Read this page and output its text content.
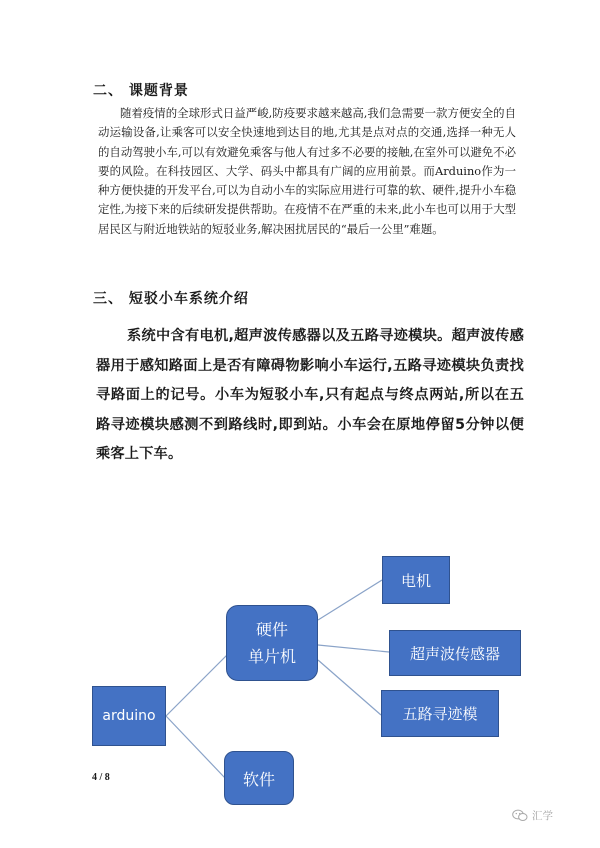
二、 课题背景

随着疫情的全球形式日益严峻,防疫要求越来越高,我们急需要一款方便安全的自动运输设备,让乘客可以安全快速地到达目的地,尤其是点对点的交通,选择一种无人的自动驾驶小车,可以有效避免乘客与他人有过多不必要的接触,在室外可以避免不必要的风险。在科技园区、大学、码头中都具有广阔的应用前景。而Arduino作为一种方便快捷的开发平台,可以为自动小车的实际应用进行可靠的软、硬件,提升小车稳定性,为接下来的后续研发提供帮助。在疫情不在严重的未来,此小车也可以用于大型居民区与附近地铁站的短驳业务,解决困扰居民的“最后一公里”难题。

三、 短驳小车系统介绍

系统中含有电机,超声波传感器以及五路寻迹模块。超声波传感器用于感知路面上是否有障碍物影响小车运行,五路寻迹模块负责找寻路面上的记号。小车为短驳小车,只有起点与终点两站,所以在五路寻迹模块感测不到路线时,即到站。小车会在原地停留5分钟以便乘客上下车。

arduino
硬件
单片机
软件
电机
超声波传感器
五路寻迹模

4 / 8

汇学
